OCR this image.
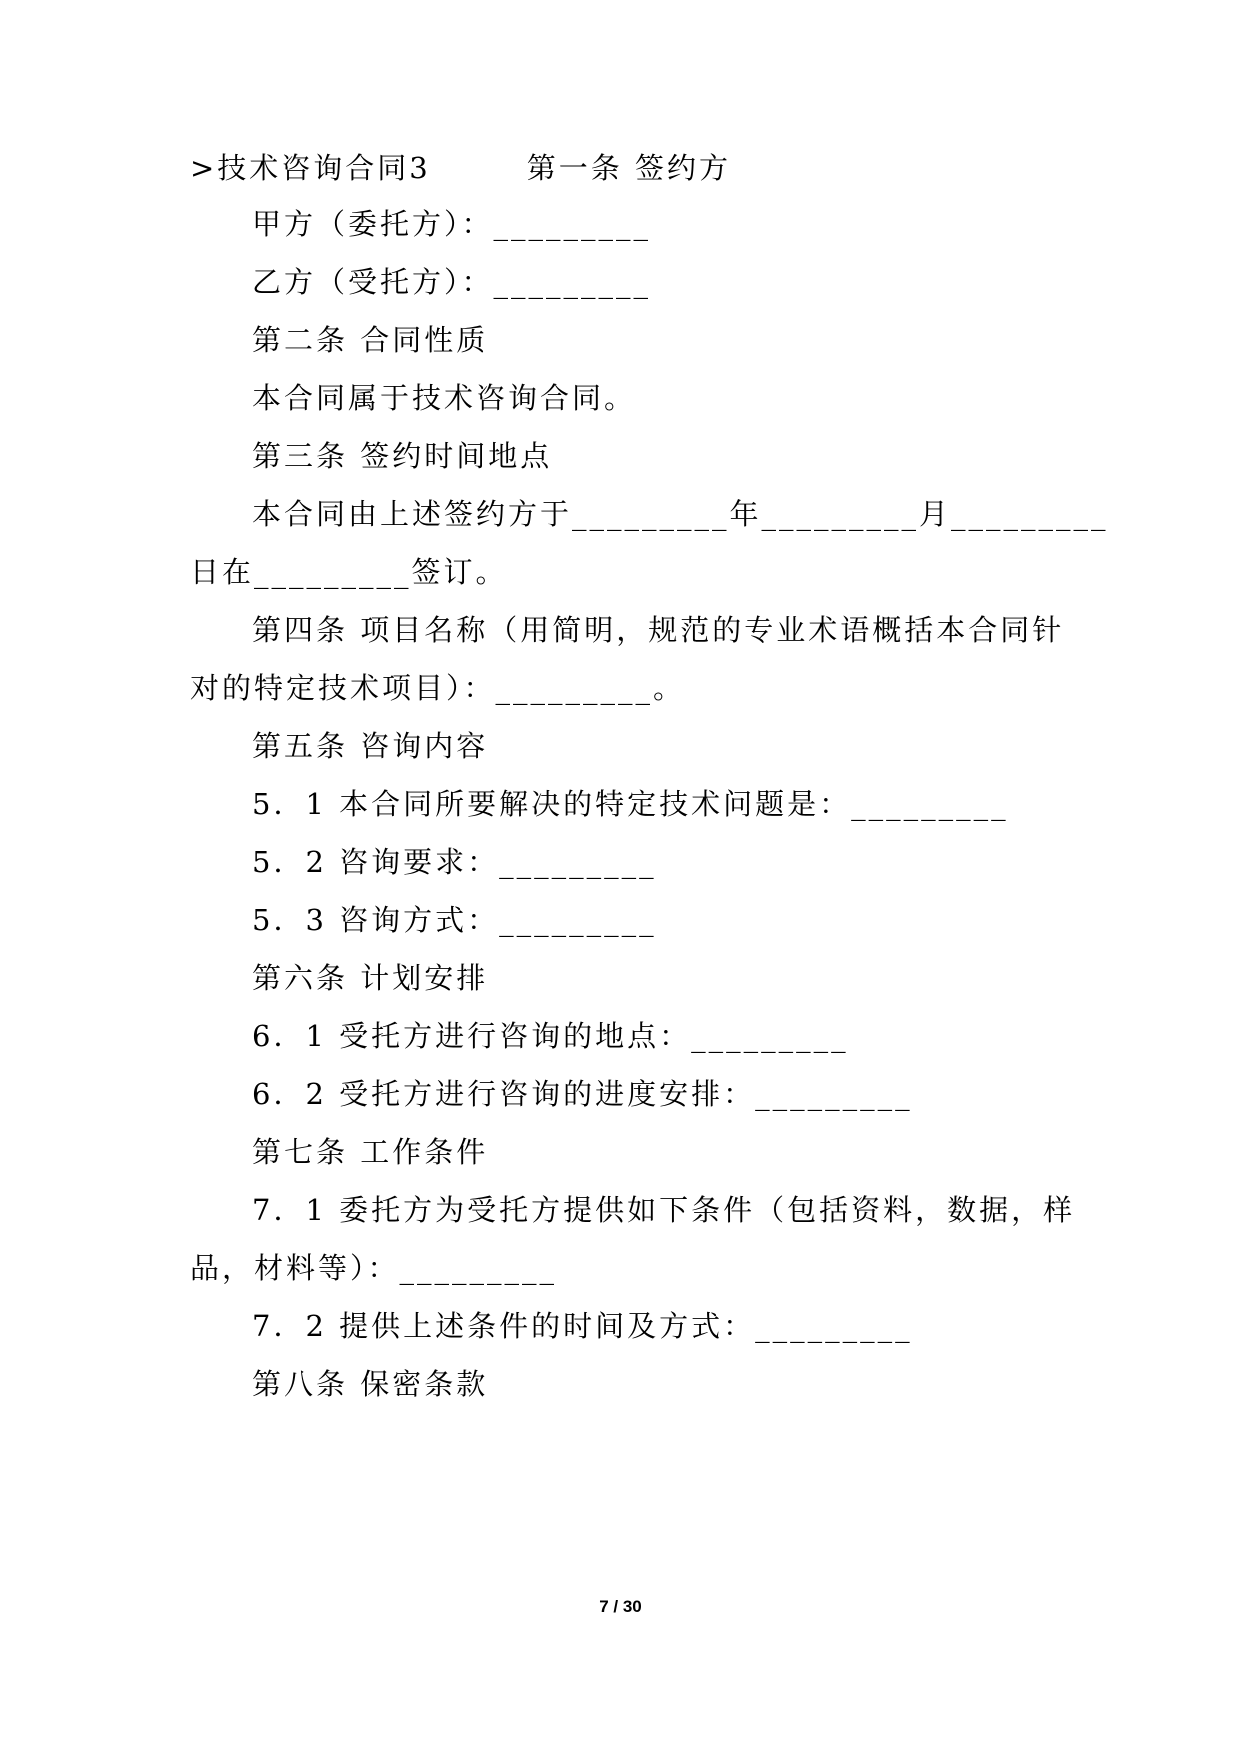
>技术咨询合同3　　　第一条 签约方

甲方（委托方）：_________

乙方（受托方）：_________

第二条 合同性质

本合同属于技术咨询合同。

第三条 签约时间地点

本合同由上述签约方于_________年_________月_________

日在_________签订。

第四条 项目名称（用简明，规范的专业术语概括本合同针

对的特定技术项目）：_________。

第五条 咨询内容

5．1 本合同所要解决的特定技术问题是：_________

5．2 咨询要求：_________

5．3 咨询方式：_________

第六条 计划安排

6．1 受托方进行咨询的地点：_________

6．2 受托方进行咨询的进度安排：_________

第七条 工作条件

7．1 委托方为受托方提供如下条件（包括资料，数据，样

品，材料等）：_________

7．2 提供上述条件的时间及方式：_________

第八条 保密条款

7 / 30
